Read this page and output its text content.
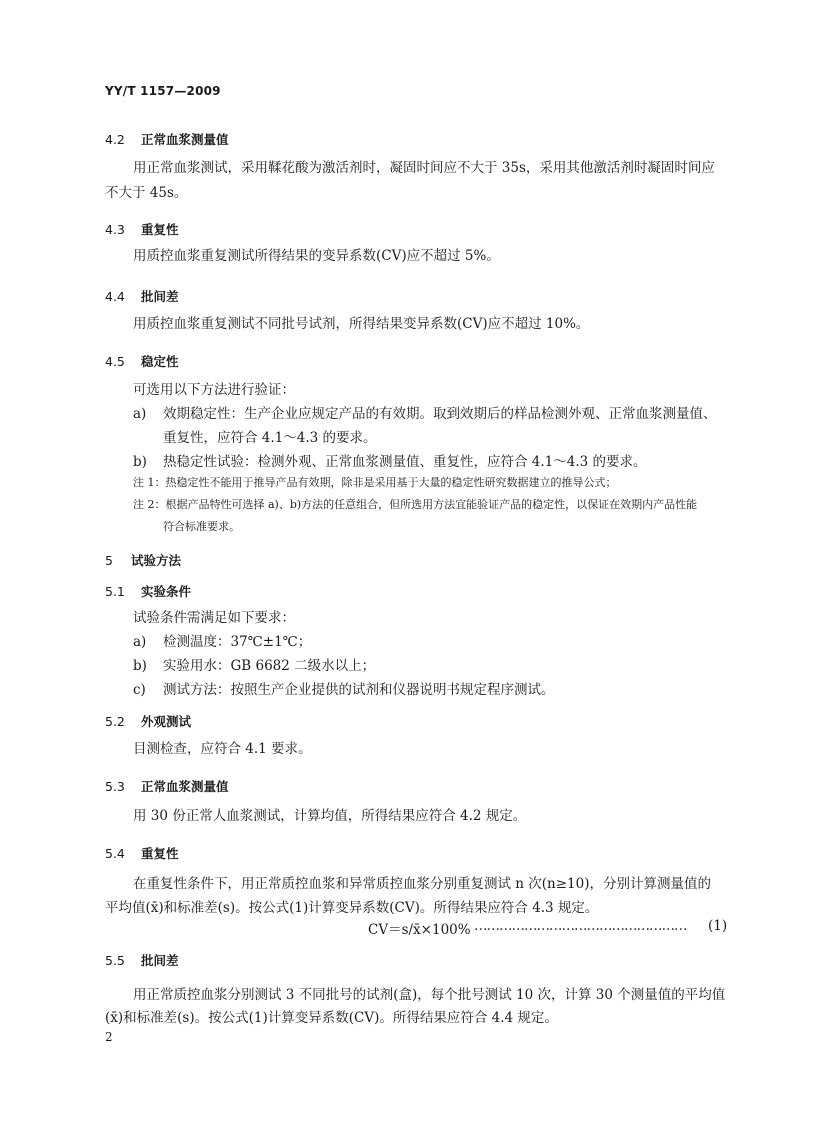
YY/T 1157—2009
4.2 正常血浆测量值
用正常血浆测试，采用鞣花酸为激活剂时，凝固时间应不大于 35s，采用其他激活剂时凝固时间应
不大于 45s。
4.3 重复性
用质控血浆重复测试所得结果的变异系数(CV)应不超过 5%。
4.4 批间差
用质控血浆重复测试不同批号试剂，所得结果变异系数(CV)应不超过 10%。
4.5 稳定性
可选用以下方法进行验证：
a) 效期稳定性：生产企业应规定产品的有效期。取到效期后的样品检测外观、正常血浆测量值、
重复性，应符合 4.1～4.3 的要求。
b) 热稳定性试验：检测外观、正常血浆测量值、重复性，应符合 4.1～4.3 的要求。
注 1：热稳定性不能用于推导产品有效期，除非是采用基于大量的稳定性研究数据建立的推导公式；
注 2：根据产品特性可选择 a)、b)方法的任意组合，但所选用方法宜能验证产品的稳定性，以保证在效期内产品性能
符合标准要求。
5 试验方法
5.1 实验条件
试验条件需满足如下要求：
a) 检测温度：37℃±1℃；
b) 实验用水：GB 6682 二级水以上；
c) 测试方法：按照生产企业提供的试剂和仪器说明书规定程序测试。
5.2 外观测试
目测检查，应符合 4.1 要求。
5.3 正常血浆测量值
用 30 份正常人血浆测试，计算均值，所得结果应符合 4.2 规定。
5.4 重复性
在重复性条件下，用正常质控血浆和异常质控血浆分别重复测试 n 次(n≥10)，分别计算测量值的
平均值(x̄)和标准差(s)。按公式(1)计算变异系数(CV)。所得结果应符合 4.3 规定。
CV＝s/x̄×100% …………………………………………… (1)
5.5 批间差
用正常质控血浆分别测试 3 不同批号的试剂(盒)，每个批号测试 10 次，计算 30 个测量值的平均值
(x̄)和标准差(s)。按公式(1)计算变异系数(CV)。所得结果应符合 4.4 规定。
2
